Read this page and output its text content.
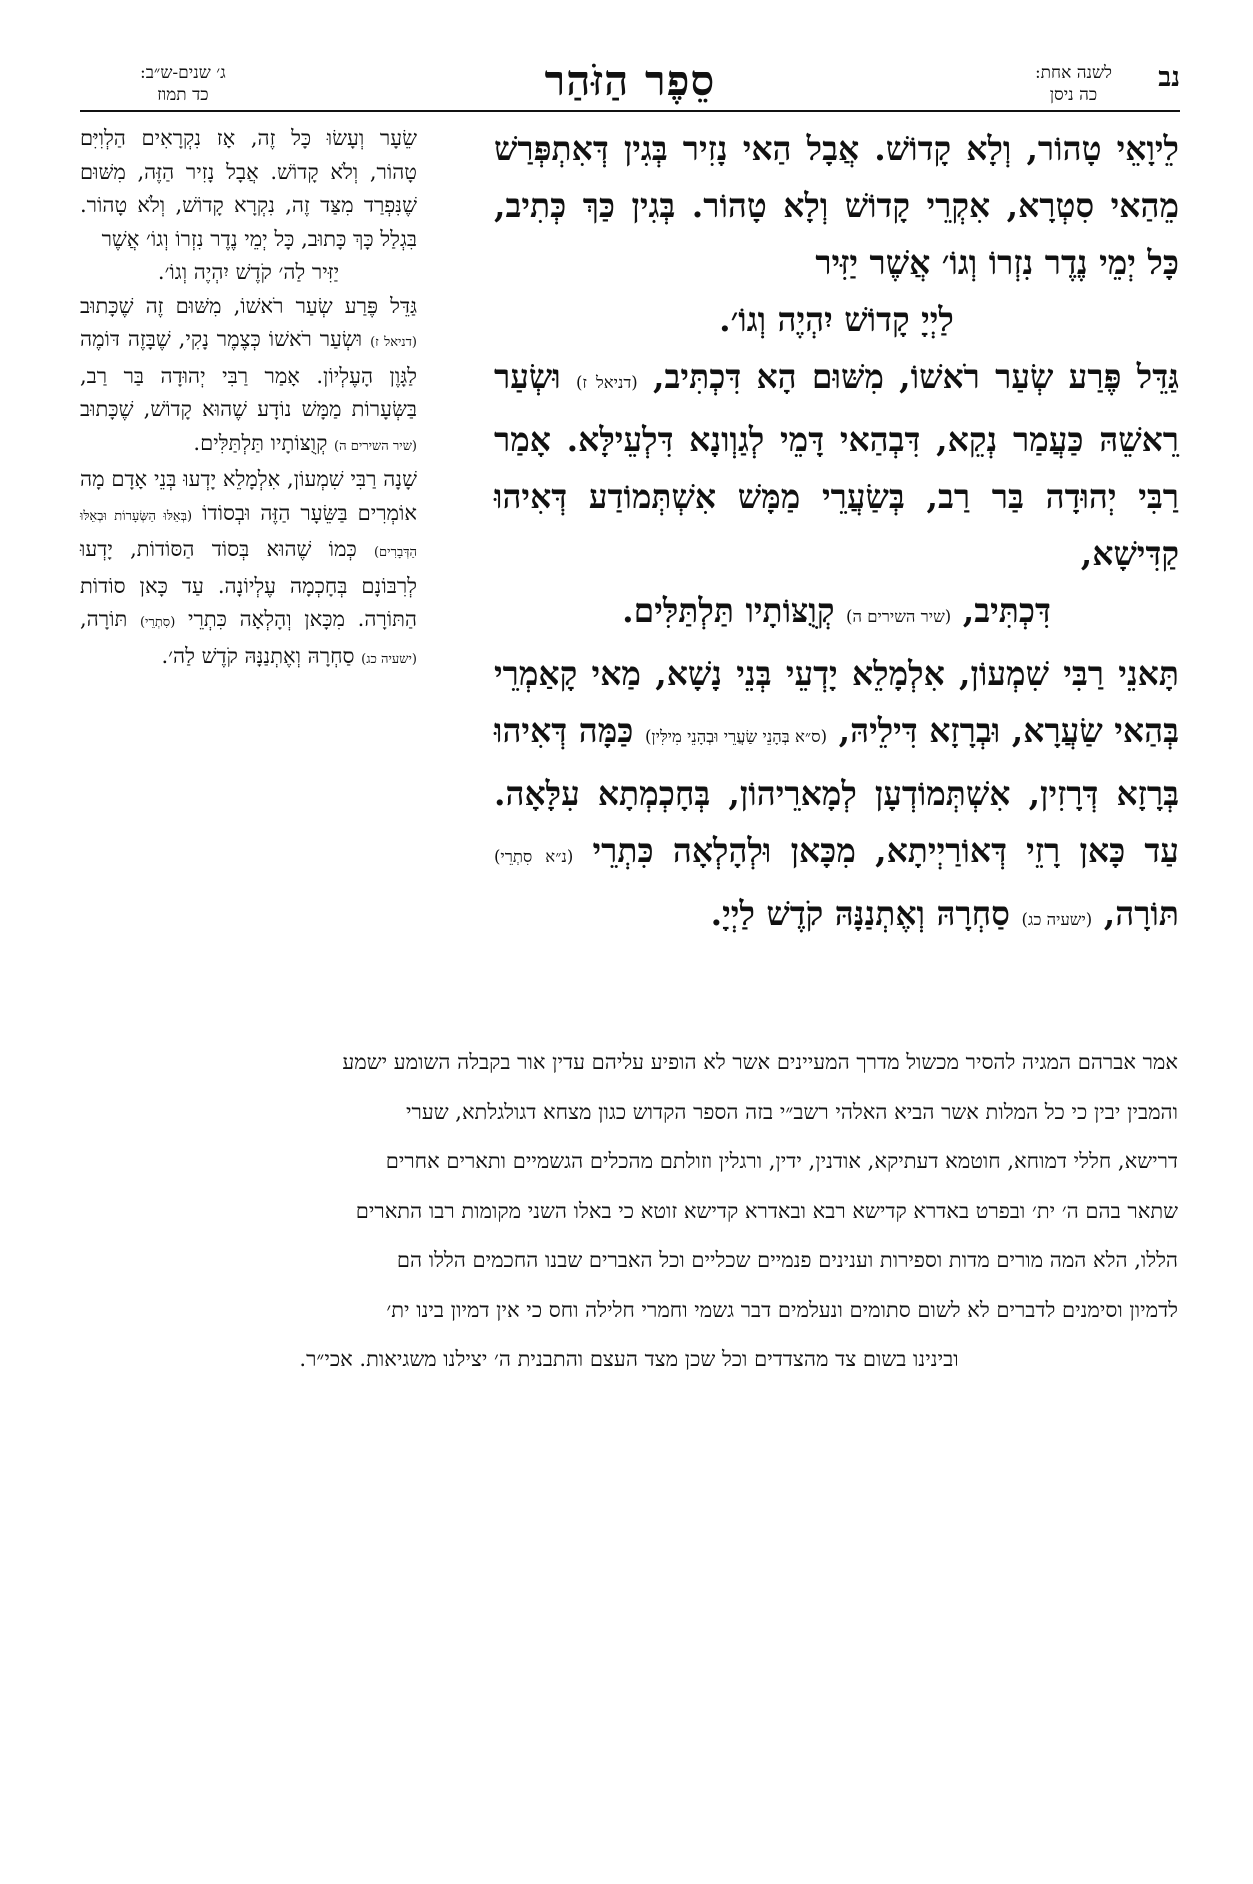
נב
לשנה אחת:
כה ניסן
סֵפֶר הַזֹּהַר
ג׳ שנים-ש״ב:
כד תמוז

לֵיוָאֵי טָהוֹר, וְלָא קָדוֹשׁ. אֲבָל הַאי נָזִיר בְּגִין דְּאִתְפְּרַשׁ מֵהַאי סִטְרָא, אִקְרֵי קָדוֹשׁ וְלָא טָהוֹר. בְּגִין כַּךְ כְּתִיב, כָּל יְמֵי נֶדֶר נִזְרוֹ וְגוֹ׳ אֲשֶׁר יַזִּיר

לַיְיָ קָדוֹשׁ יִהְיֶה וְגוֹ׳.

גַּדֵּל פֶּרַע שְׂעַר רֹאשׁוֹ, מִשּׁוּם הָא דִּכְתִּיב, (דניאל ז) וּשְׂעַר רֵאשֵׁהּ כַּעֲמַר נְקֵא, דִּבְהַאי דָּמֵי לְגַוְונָא דִּלְעֵילָּא. אָמַר רַבִּי יְהוּדָה בַּר רַב, בְּשַׂעֲרֵי מַמָּשׁ אִשְׁתְּמוֹדַע דְּאִיהוּ קַדִּישָׁא,

דִּכְתִּיב, (שיר השירים ה) קְוֻצּוֹתָיו תַּלְתַּלִּים.

תָּאנֵי רַבִּי שִׁמְעוֹן, אִלְמָלֵא יָדְעֵי בְּנֵי נָשָׁא, מַאי קָאַמְרֵי בְּהַאי שַׂעֲרָא, וּבְרָזָא דִּילֵיהּ, (ס״א בְּהָנֵי שַׂעֲרֵי וּבְהָנֵי מִילִּין) כַּמָּה דְּאִיהוּ בְּרָזָא דְּרָזִין, אִשְׁתְּמוֹדְעָן לְמָארֵיהוֹן, בְּחָכְמְתָא עִלָּאָה. עַד כָּאן רָזֵי דְּאוֹרַיְיתָא, מִכָּאן וּלְהָלְאָה כִּתְרֵי (נ״א סִתְרֵי) תּוֹרָה, (ישעיה כג) סַחְרָהּ וְאֶתְנַנָּהּ קֹדֶשׁ לַיְיָ.

שֵׂעָר וְעָשׂוּ כָּל זֶה, אָז נִקְרָאִים הַלְוִיִּם טָהוֹר, וְלֹא קָדוֹשׁ. אֲבָל נָזִיר הַזֶּה, מִשּׁוּם שֶׁנִּפְרַד מִצַּד זֶה, נִקְרָא קָדוֹשׁ, וְלֹא טָהוֹר. בִּגְלַל כָּךְ כָּתוּב, כָּל יְמֵי נֶדֶר נִזְרוֹ וְגוֹ׳ אֲשֶׁר

יַזִּיר לַה׳ קֹדֶשׁ יִהְיֶה וְגוֹ׳.

גַּדֵּל פֶּרַע שְׂעַר רֹאשׁוֹ, מִשּׁוּם זֶה שֶׁכָּתוּב (דניאל ז) וּשְׂעַר רֹאשׁוֹ כְּצֶמֶר נָקִי, שֶׁבָּזֶה דּוֹמֶה לַגָּוֶן הָעֶלְיוֹן. אָמַר רַבִּי יְהוּדָה בַּר רַב, בַּשְּׂעָרוֹת מַמָּשׁ נוֹדָע שֶׁהוּא קָדוֹשׁ, שֶׁכָּתוּב (שיר השירים ה) קְוֻצּוֹתָיו תַּלְתַּלִּים.

שָׁנָה רַבִּי שִׁמְעוֹן, אִלְמָלֵא יָדְעוּ בְּנֵי אָדָם מָה אוֹמְרִים בַּשֵּׂעָר הַזֶּה וּבְסוֹדוֹ (בְּאֵלּוּ הַשְּׂעָרוֹת וּבְאֵלּוּ הַדְּבָרִים) כְּמוֹ שֶׁהוּא בְּסוֹד הַסּוֹדוֹת, יָדְעוּ לְרִבּוֹנָם בְּחָכְמָה עֶלְיוֹנָה. עַד כָּאן סוֹדוֹת הַתּוֹרָה. מִכָּאן וְהָלְאָה כִּתְרֵי (סִתְרֵי) תּוֹרָה, (ישעיה כג) סַחְרָהּ וְאֶתְנַנָּהּ קֹדֶשׁ לַה׳.

אמר אברהם המגיה להסיר מכשול מדרך המעיינים אשר לא הופיע עליהם עדין אור בקבלה השומע ישמע

והמבין יבין כי כל המלות אשר הביא האלהי רשב״י בזה הספר הקדוש כגון מצחא דגולגלתא, שערי

דרישא, חללי דמוחא, חוטמא דעתיקא, אודנין, ידין, ורגלין וזולתם מהכלים הגשמיים ותארים אחרים

שתאר בהם ה׳ ית׳ ובפרט באדרא קדישא רבא ובאדרא קדישא זוטא כי באלו השני מקומות רבו התארים

הללו, הלא המה מורים מדות וספירות וענינים פנמיים שכליים וכל האברים שבנו החכמים הללו הם

לדמיון וסימנים לדברים לא לשום סתומים ונעלמים דבר גשמי וחמרי חלילה וחס כי אין דמיון בינו ית׳

ובינינו בשום צד מהצדדים וכל שכן מצד העצם והתבנית ה׳ יצילנו משגיאות. אכי״ר.
